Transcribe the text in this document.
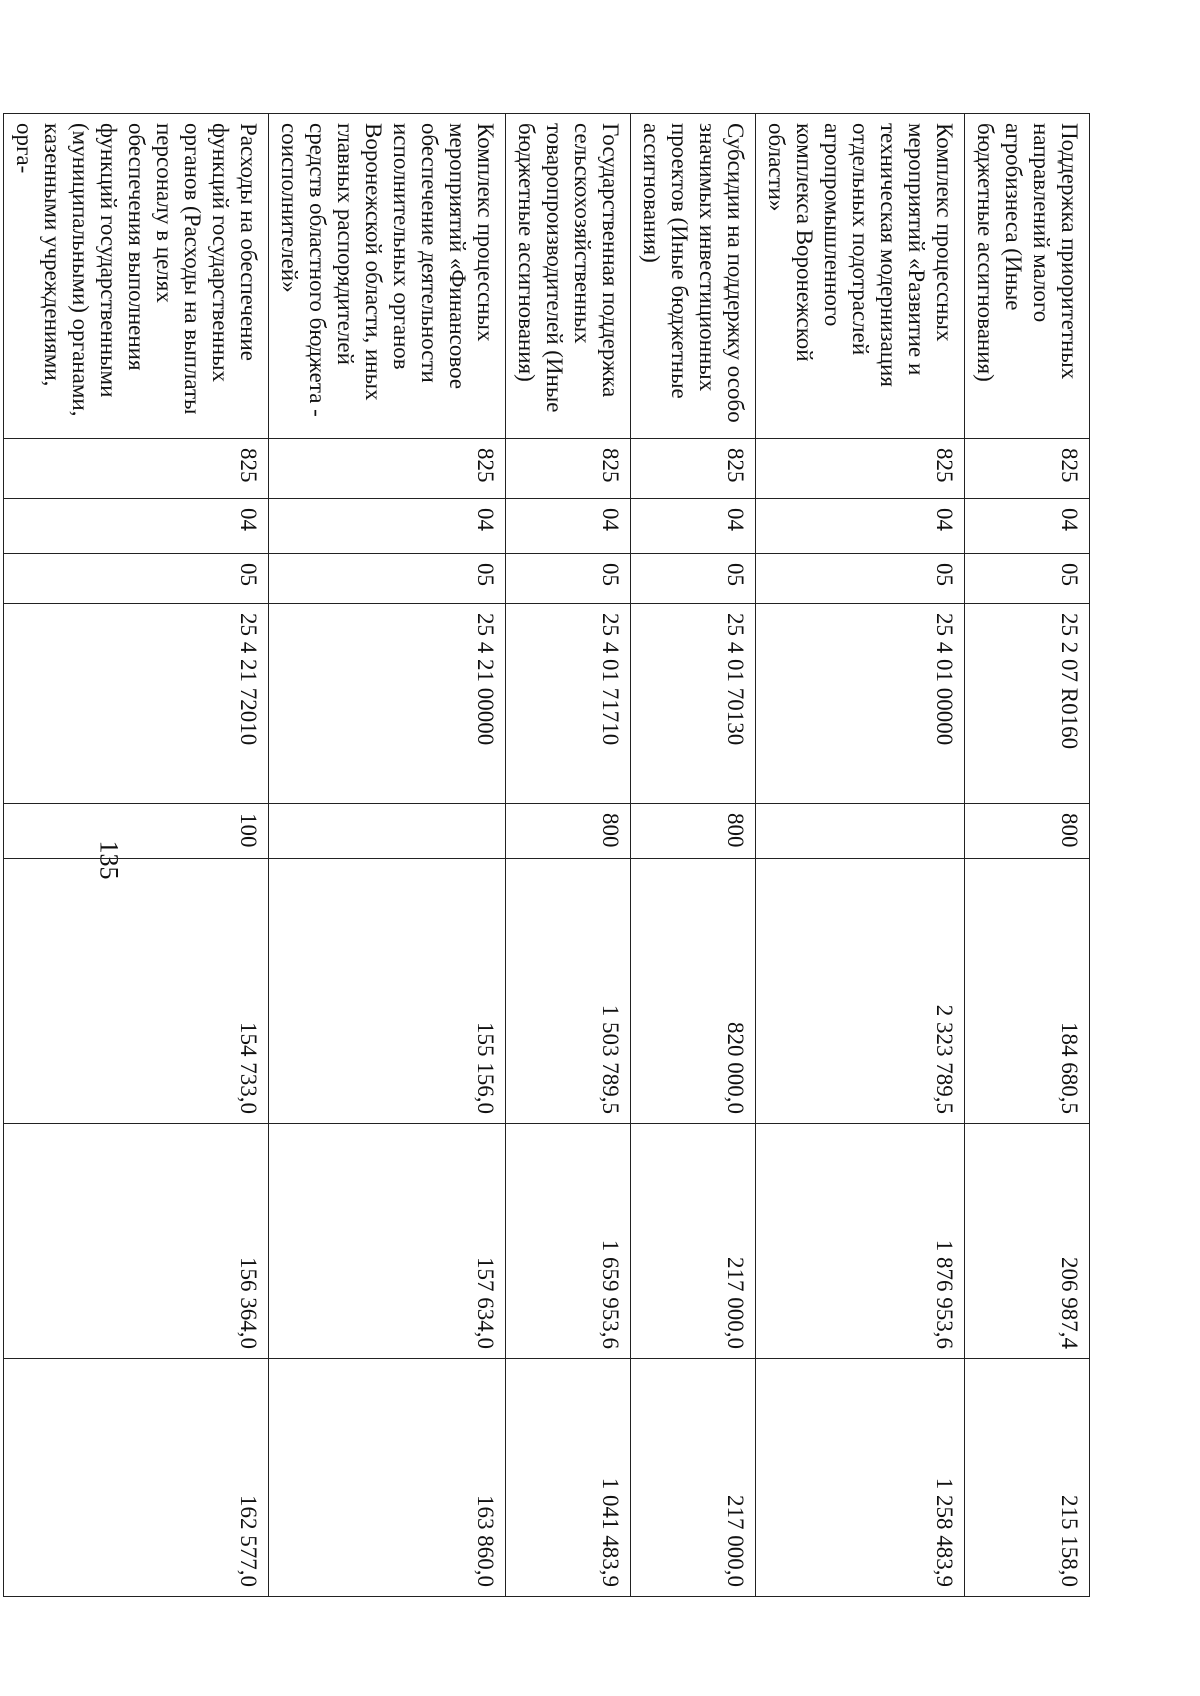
135
Поддержка приоритетных направлений малого агробизнеса (Иные бюджетные ассигнования)	825	04	05	25 2 07 R0160	800	184 680,5	206 987,4	215 158,0
Комплекс процессных мероприятий «Развитие и техническая модернизация отдельных подотраслей агропромышленного комплекса Воронежской области»	825	04	05	25 4 01 00000		2 323 789,5	1 876 953,6	1 258 483,9
Субсидии на поддержку особо значимых инвестиционных проектов (Иные бюджетные ассигнования)	825	04	05	25 4 01 70130	800	820 000,0	217 000,0	217 000,0
Государственная поддержка сельскохозяйственных товаропроизводителей (Иные бюджетные ассигнования)	825	04	05	25 4 01 71710	800	1 503 789,5	1 659 953,6	1 041 483,9
Комплекс процессных мероприятий «Финансовое обеспечение деятельности исполнительных органов Воронежской области, иных главных распорядителей средств областного бюджета - соисполнителей»	825	04	05	25 4 21 00000		155 156,0	157 634,0	163 860,0
Расходы на обеспечение функций государственных органов (Расходы на выплаты персоналу в целях обеспечения выполнения функций государственными (муниципальными) органами, казенными учреждениями, орга-	825	04	05	25 4 21 72010	100	154 733,0	156 364,0	162 577,0
